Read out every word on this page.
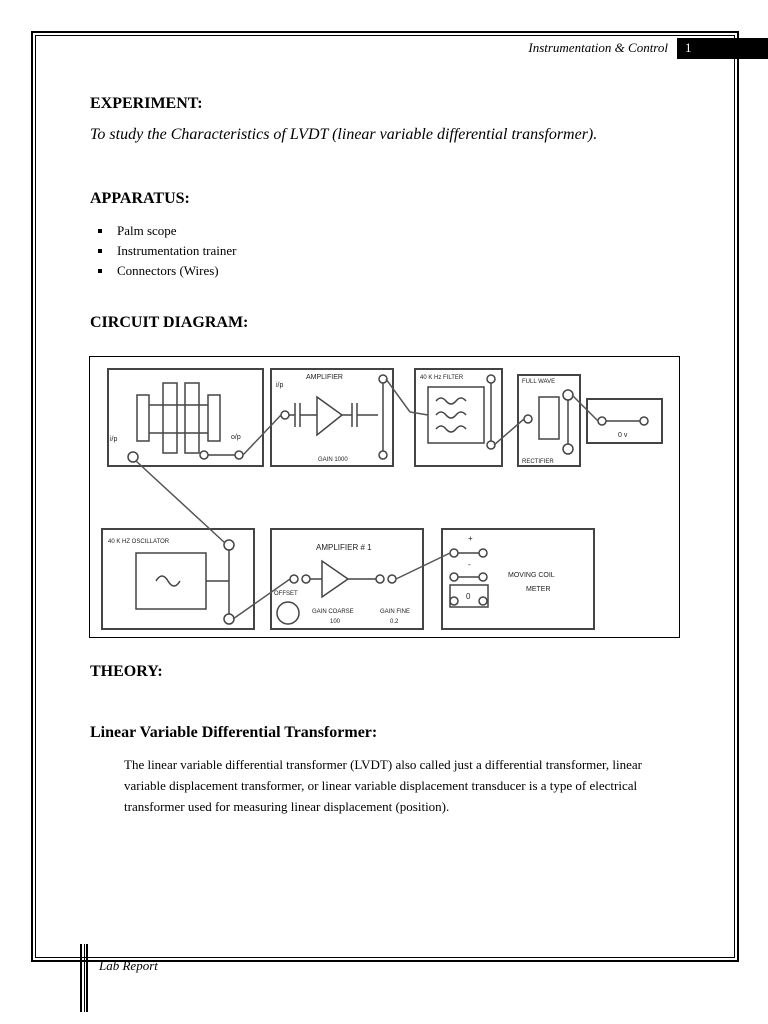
Instrumentation & Control 1
EXPERIMENT:
To study the Characteristics of LVDT (linear variable differential transformer).
APPARATUS:
Palm scope
Instrumentation trainer
Connectors (Wires)
CIRCUIT DIAGRAM:
i/p	o/p
AMPLIFIER
i/p
GAIN 1000
40 K Hz FILTER
FULL WAVE
RECTIFIER
0 v
40 K HZ OSCILLATOR
AMPLIFIER # 1
OFFSET
GAIN COARSE
100
GAIN FINE
0.2
+
-
0
MOVING COIL
METER
THEORY:
Linear Variable Differential Transformer:

The linear variable differential transformer (LVDT) also called just a differential transformer, linear variable displacement transformer, or linear variable displacement transducer is a type of electrical transformer used for measuring linear displacement (position).

Lab Report
